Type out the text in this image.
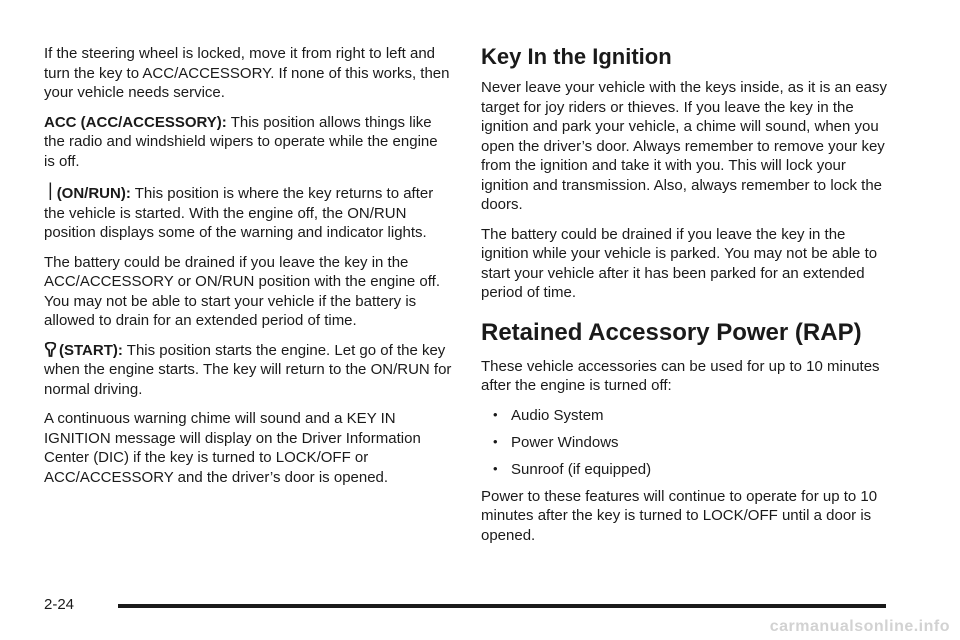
If the steering wheel is locked, move it from right to left and turn the key to ACC/ACCESSORY. If none of this works, then your vehicle needs service.

ACC (ACC/ACCESSORY): This position allows things like the radio and windshield wipers to operate while the engine is off.

| (ON/RUN): This position is where the key returns to after the vehicle is started. With the engine off, the ON/RUN position displays some of the warning and indicator lights.

The battery could be drained if you leave the key in the ACC/ACCESSORY or ON/RUN position with the engine off. You may not be able to start your vehicle if the battery is allowed to drain for an extended period of time.

(START): This position starts the engine. Let go of the key when the engine starts. The key will return to the ON/RUN for normal driving.

A continuous warning chime will sound and a KEY IN IGNITION message will display on the Driver Information Center (DIC) if the key is turned to LOCK/OFF or ACC/ACCESSORY and the driver’s door is opened.

Key In the Ignition

Never leave your vehicle with the keys inside, as it is an easy target for joy riders or thieves. If you leave the key in the ignition and park your vehicle, a chime will sound, when you open the driver’s door. Always remember to remove your key from the ignition and take it with you. This will lock your ignition and transmission. Also, always remember to lock the doors.

The battery could be drained if you leave the key in the ignition while your vehicle is parked. You may not be able to start your vehicle after it has been parked for an extended period of time.

Retained Accessory Power (RAP)

These vehicle accessories can be used for up to 10 minutes after the engine is turned off:

• Audio System
• Power Windows
• Sunroof (if equipped)

Power to these features will continue to operate for up to 10 minutes after the key is turned to LOCK/OFF until a door is opened.

2-24
carmanualsonline.info
